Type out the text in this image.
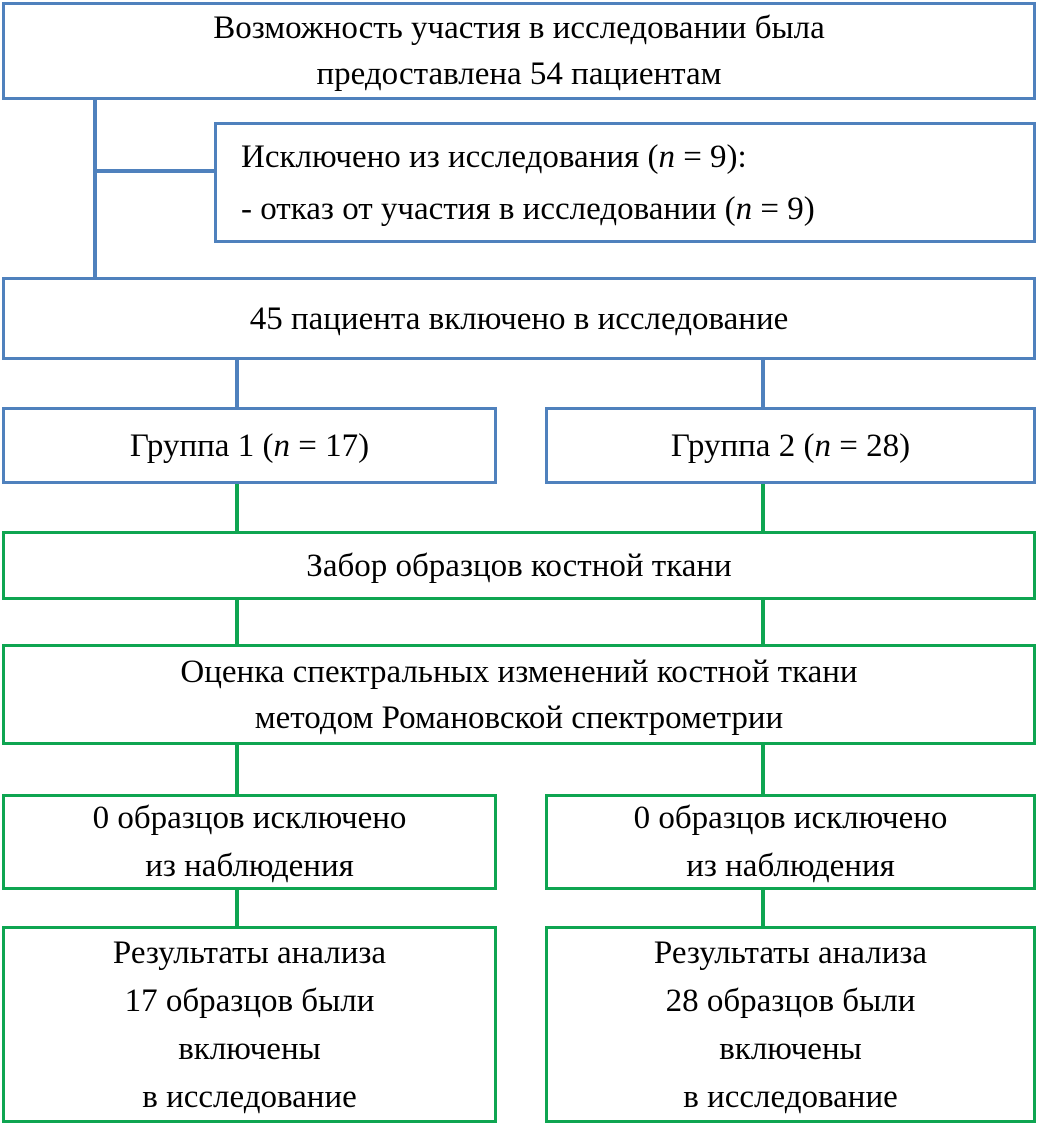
Возможность участия в исследовании была
предоставлена 54 пациентам
Исключено из исследования (n = 9):
- отказ от участия в исследовании (n = 9)
45 пациента включено в исследование
Группа 1 (n = 17)	Группа 2 (n = 28)
Забор образцов костной ткани
Оценка спектральных изменений костной ткани
методом Романовской спектрометрии
0 образцов исключено
из наблюдения
0 образцов исключено
из наблюдения
Результаты анализа
17 образцов были
включены
в исследование
Результаты анализа
28 образцов были
включены
в исследование
